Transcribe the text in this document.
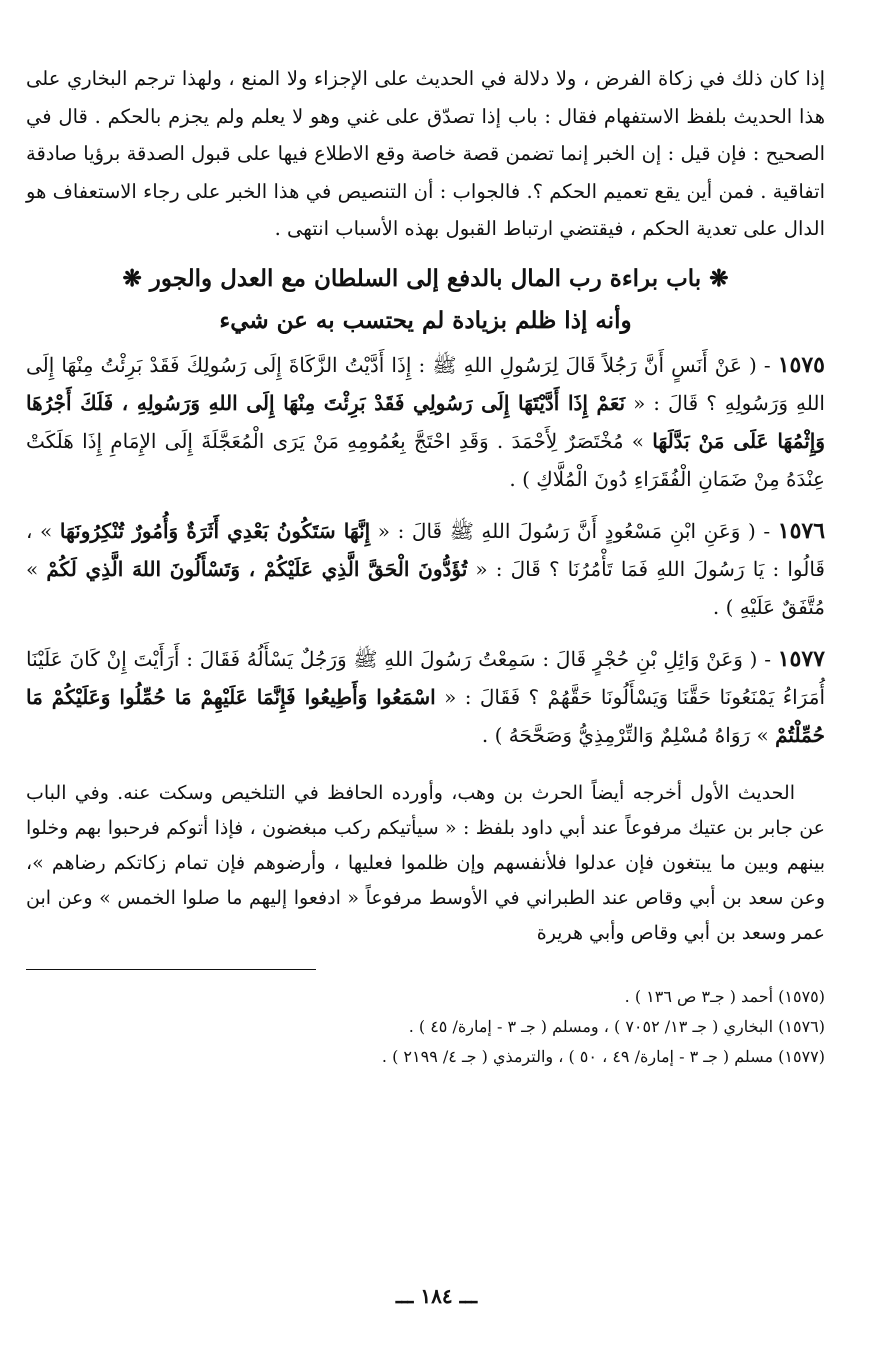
إذا كان ذلك في زكاة الفرض ، ولا دلالة في الحديث على الإجزاء ولا المنع ، ولهذا ترجم البخاري على هذا الحديث بلفظ الاستفهام فقال : باب إذا تصدّق على غني وهو لا يعلم ولم يجزم بالحكم . قال في الصحيح : فإن قيل : إن الخبر إنما تضمن قصة خاصة وقع الاطلاع فيها على قبول الصدقة برؤيا صادقة اتفاقية . فمن أين يقع تعميم الحكم ؟. فالجواب : أن التنصيص في هذا الخبر على رجاء الاستعفاف هو الدال على تعدية الحكم ، فيقتضي ارتباط القبول بهذه الأسباب انتهى .

❋ باب براءة رب المال بالدفع إلى السلطان مع العدل والجور ❋
وأنه إذا ظلم بزيادة لم يحتسب به عن شيء

١٥٧٥ - ( عَنْ أَنَسٍ أَنَّ رَجُلاً قَالَ لِرَسُولِ اللهِ ﷺ : إِذَا أَدَّيْتُ الزَّكَاةَ إِلَى رَسُولِكَ فَقَدْ بَرِئْتُ مِنْهَا إِلَى اللهِ وَرَسُولِهِ ؟ قَالَ : « نَعَمْ إِذَا أَدَّيْتَهَا إِلَى رَسُولِي فَقَدْ بَرِئْتَ مِنْهَا إِلَى اللهِ وَرَسُولِهِ ، فَلَكَ أَجْرُهَا وَإِثْمُهَا عَلَى مَنْ بَدَّلَهَا » مُخْتَصَرٌ لِأَحْمَدَ . وَقَدِ احْتَجَّ بِعُمُومِهِ مَنْ يَرَى الْمُعَجَّلَةَ إِلَى الإِمَامِ إِذَا هَلَكَتْ عِنْدَهُ مِنْ ضَمَانِ الْفُقَرَاءِ دُونَ الْمُلَّاكِ ) .

١٥٧٦ - ( وَعَنِ ابْنِ مَسْعُودٍ أَنَّ رَسُولَ اللهِ ﷺ قَالَ : « إِنَّهَا سَتَكُونُ بَعْدِي أَثَرَةٌ وَأُمُورٌ تُنْكِرُونَهَا » ، قَالُوا : يَا رَسُولَ اللهِ فَمَا تَأْمُرُنَا ؟ قَالَ : « تُؤَدُّونَ الْحَقَّ الَّذِي عَلَيْكُمْ ، وَتَسْأَلُونَ اللهَ الَّذِي لَكُمْ » مُتَّفَقٌ عَلَيْهِ ) .

١٥٧٧ - ( وَعَنْ وَائِلِ بْنِ حُجْرٍ قَالَ : سَمِعْتُ رَسُولَ اللهِ ﷺ وَرَجُلٌ يَسْأَلُهُ فَقَالَ : أَرَأَيْتَ إِنْ كَانَ عَلَيْنَا أُمَرَاءُ يَمْنَعُونَا حَقَّنَا وَيَسْأَلُونَا حَقَّهُمْ ؟ فَقَالَ : « اسْمَعُوا وَأَطِيعُوا فَإِنَّمَا عَلَيْهِمْ مَا حُمِّلُوا وَعَلَيْكُمْ مَا حُمِّلْتُمْ » رَوَاهُ مُسْلِمٌ وَالتِّرْمِذِيُّ وَصَحَّحَهُ ) .

الحديث الأول أخرجه أيضاً الحرث بن وهب، وأورده الحافظ في التلخيص وسكت عنه. وفي الباب عن جابر بن عتيك مرفوعاً عند أبي داود بلفظ : « سيأتيكم ركب مبغضون ، فإذا أتوكم فرحبوا بهم وخلوا بينهم وبين ما يبتغون فإن عدلوا فلأنفسهم وإن ظلموا فعليها ، وأرضوهم فإن تمام زكاتكم رضاهم »، وعن سعد بن أبي وقاص عند الطبراني في الأوسط مرفوعاً « ادفعوا إليهم ما صلوا الخمس » وعن ابن عمر وسعد بن أبي وقاص وأبي هريرة

(١٥٧٥) أحمد ( جـ٣ ص ١٣٦ ) .

(١٥٧٦) البخاري ( جـ ١٣/ ٧٠٥٢ ) ، ومسلم ( جـ ٣ - إمارة/ ٤٥ ) .

(١٥٧٧) مسلم ( جـ ٣ - إمارة/ ٤٩ ، ٥٠ ) ، والترمذي ( جـ ٤/ ٢١٩٩ ) .

ـــ ١٨٤ ـــ
